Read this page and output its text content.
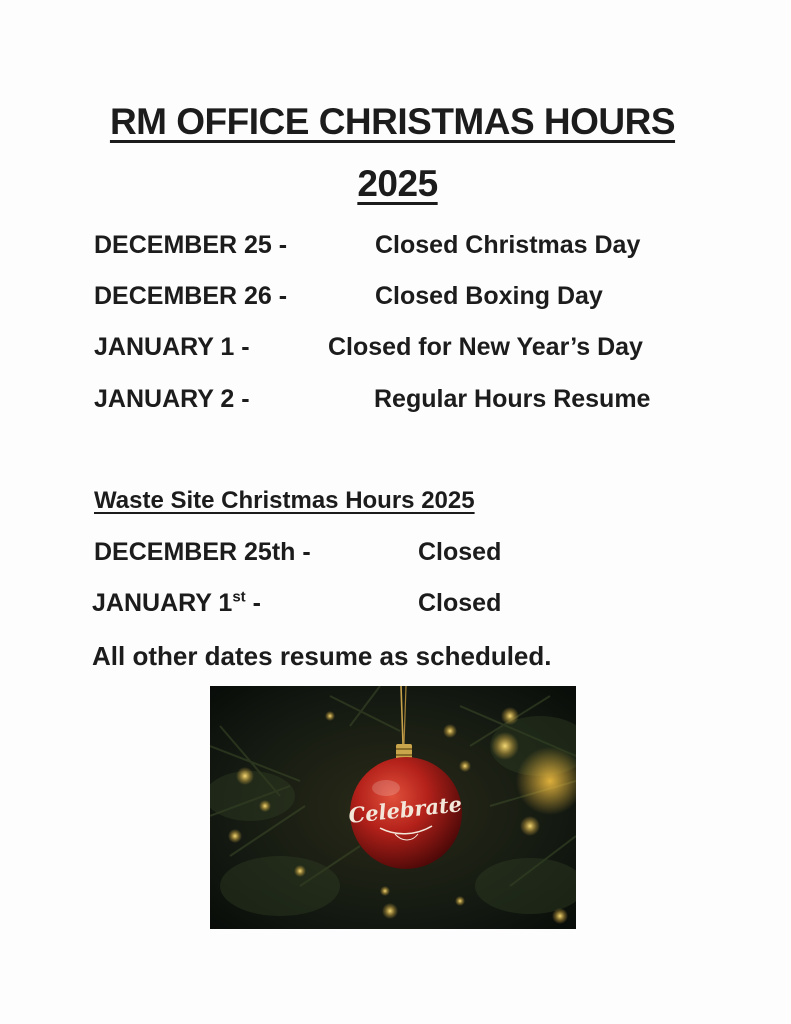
RM OFFICE CHRISTMAS HOURS
2025
DECEMBER 25 -	Closed Christmas Day
DECEMBER 26 -	Closed Boxing Day
JANUARY 1 -	Closed for New Year’s Day
JANUARY 2 -	Regular Hours Resume
Waste Site Christmas Hours 2025
DECEMBER 25th -	Closed
JANUARY 1st -	Closed
All other dates resume as scheduled.
Celebrate
